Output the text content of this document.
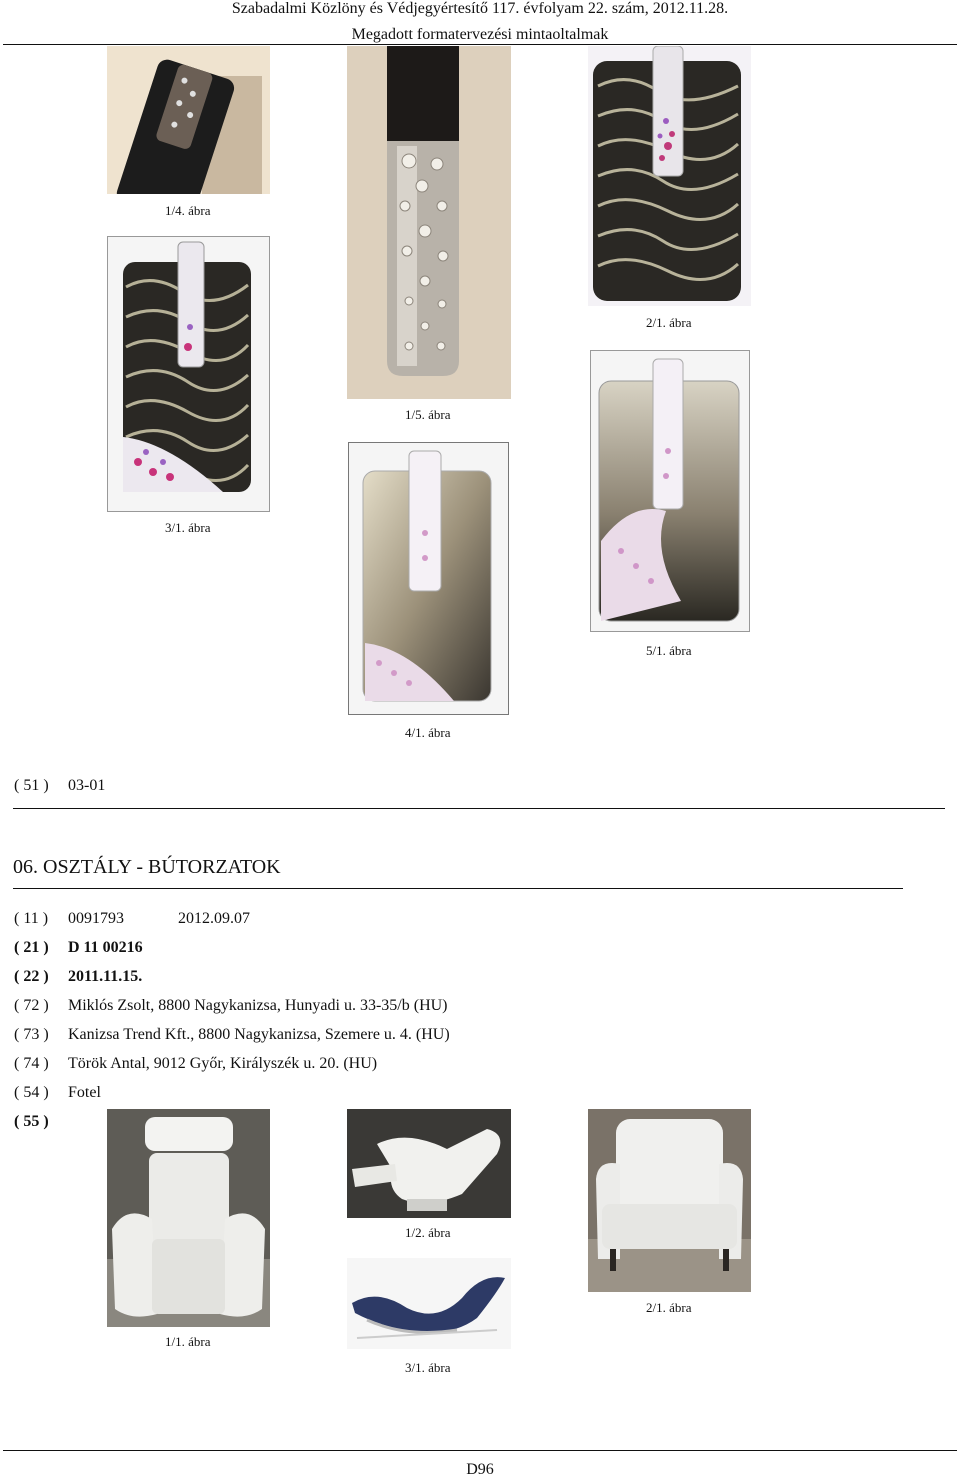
Szabadalmi Közlöny és Védjegyértesítő 117. évfolyam 22. szám, 2012.11.28.
Megadott formatervezési mintaoltalmak
1/4. ábra
1/5. ábra
2/1. ábra
3/1. ábra
5/1. ábra
4/1. ábra
( 51 ) 03-01
06. OSZTÁLY - BÚTORZATOK
( 11 ) 0091793	2012.09.07
( 21 ) D 11 00216
( 22 ) 2011.11.15.
( 72 ) Miklós Zsolt, 8800 Nagykanizsa, Hunyadi u. 33-35/b (HU)
( 73 ) Kanizsa Trend Kft., 8800 Nagykanizsa, Szemere u. 4. (HU)
( 74 ) Török Antal, 9012 Győr, Királyszék u. 20. (HU)
( 54 ) Fotel
( 55 )
1/1. ábra
1/2. ábra
2/1. ábra
3/1. ábra
D96
